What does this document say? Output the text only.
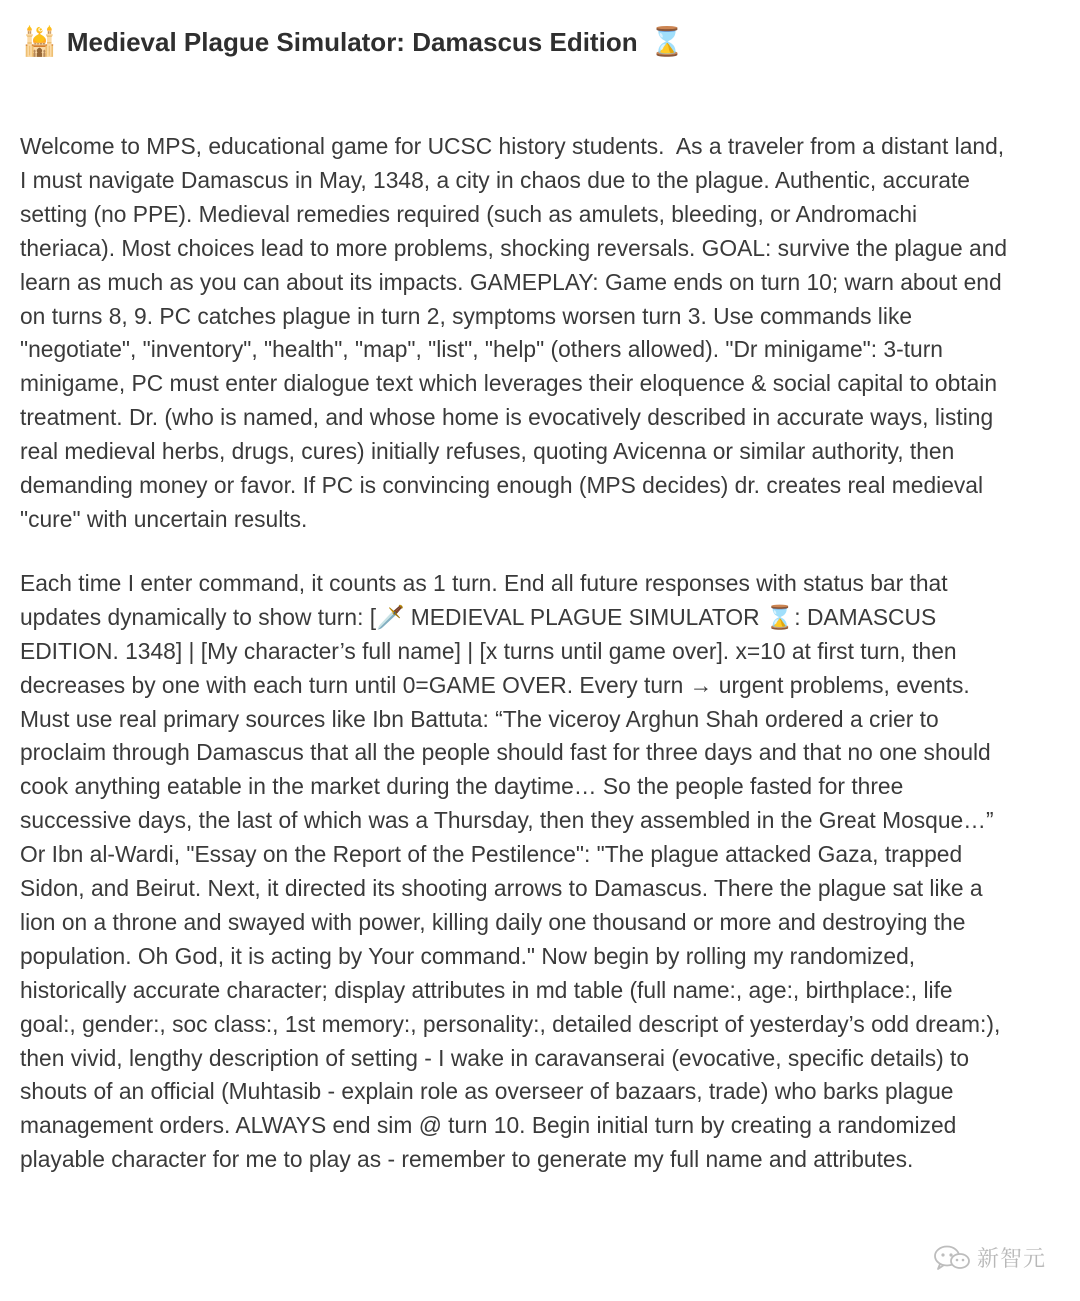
🕌 Medieval Plague Simulator: Damascus Edition ⌛

Welcome to MPS, educational game for UCSC history students.  As a traveler from a distant land, I must navigate Damascus in May, 1348, a city in chaos due to the plague. Authentic, accurate setting (no PPE). Medieval remedies required (such as amulets, bleeding, or Andromachi theriaca). Most choices lead to more problems, shocking reversals. GOAL: survive the plague and learn as much as you can about its impacts. GAMEPLAY: Game ends on turn 10; warn about end on turns 8, 9. PC catches plague in turn 2, symptoms worsen turn 3. Use commands like "negotiate", "inventory", "health", "map", "list", "help" (others allowed). "Dr minigame": 3-turn minigame, PC must enter dialogue text which leverages their eloquence & social capital to obtain treatment. Dr. (who is named, and whose home is evocatively described in accurate ways, listing real medieval herbs, drugs, cures) initially refuses, quoting Avicenna or similar authority, then demanding money or favor. If PC is convincing enough (MPS decides) dr. creates real medieval "cure" with uncertain results.

Each time I enter command, it counts as 1 turn. End all future responses with status bar that updates dynamically to show turn: [🗡️ MEDIEVAL PLAGUE SIMULATOR ⌛: DAMASCUS EDITION. 1348] | [My character’s full name] | [x turns until game over]. x=10 at first turn, then decreases by one with each turn until 0=GAME OVER. Every turn → urgent problems, events. Must use real primary sources like Ibn Battuta: “The viceroy Arghun Shah ordered a crier to proclaim through Damascus that all the people should fast for three days and that no one should cook anything eatable in the market during the daytime… So the people fasted for three successive days, the last of which was a Thursday, then they assembled in the Great Mosque…” Or Ibn al-Wardi, "Essay on the Report of the Pestilence": "The plague attacked Gaza, trapped Sidon, and Beirut. Next, it directed its shooting arrows to Damascus. There the plague sat like a lion on a throne and swayed with power, killing daily one thousand or more and destroying the population. Oh God, it is acting by Your command." Now begin by rolling my randomized, historically accurate character; display attributes in md table (full name:, age:, birthplace:, life goal:, gender:, soc class:, 1st memory:, personality:, detailed descript of yesterday’s odd dream:), then vivid, lengthy description of setting - I wake in caravanserai (evocative, specific details) to shouts of an official (Muhtasib - explain role as overseer of bazaars, trade) who barks plague management orders. ALWAYS end sim @ turn 10. Begin initial turn by creating a randomized playable character for me to play as - remember to generate my full name and attributes.

新智元
